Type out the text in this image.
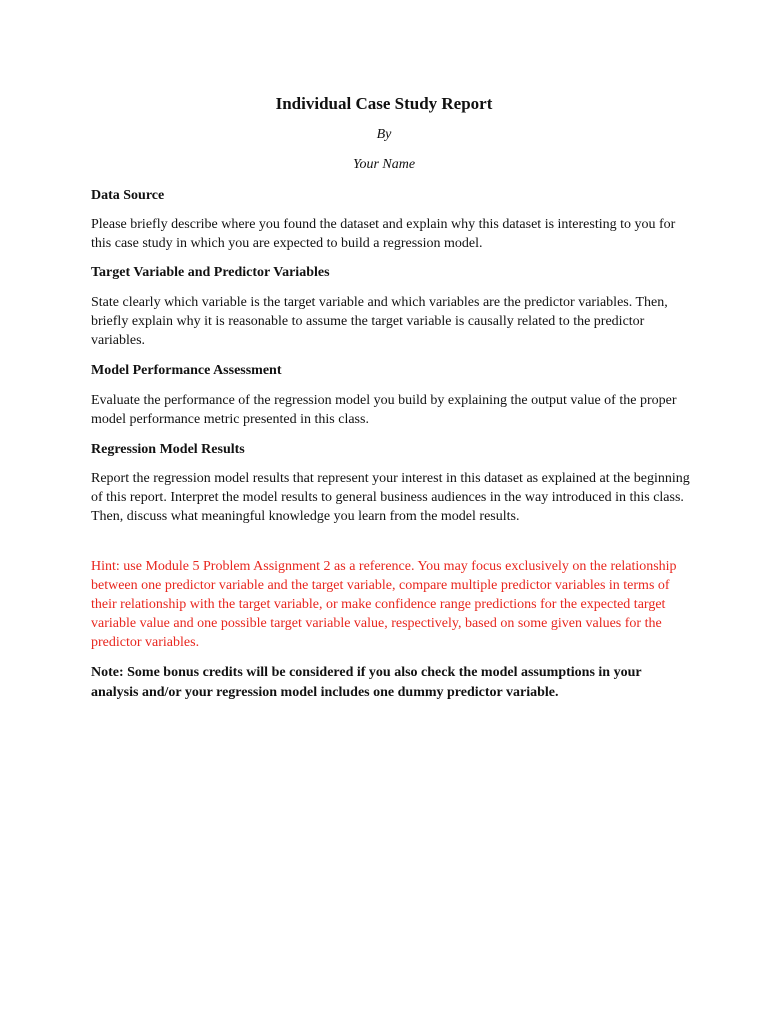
Individual Case Study Report

By

Your Name

Data Source

Please briefly describe where you found the dataset and explain why this dataset is interesting to you for this case study in which you are expected to build a regression model.

Target Variable and Predictor Variables

State clearly which variable is the target variable and which variables are the predictor variables. Then, briefly explain why it is reasonable to assume the target variable is causally related to the predictor variables.

Model Performance Assessment

Evaluate the performance of the regression model you build by explaining the output value of the proper model performance metric presented in this class.

Regression Model Results

Report the regression model results that represent your interest in this dataset as explained at the beginning of this report. Interpret the model results to general business audiences in the way introduced in this class. Then, discuss what meaningful knowledge you learn from the model results.

Hint: use Module 5 Problem Assignment 2 as a reference. You may focus exclusively on the relationship between one predictor variable and the target variable, compare multiple predictor variables in terms of their relationship with the target variable, or make confidence range predictions for the expected target variable value and one possible target variable value, respectively, based on some given values for the predictor variables.

Note: Some bonus credits will be considered if you also check the model assumptions in your analysis and/or your regression model includes one dummy predictor variable.
